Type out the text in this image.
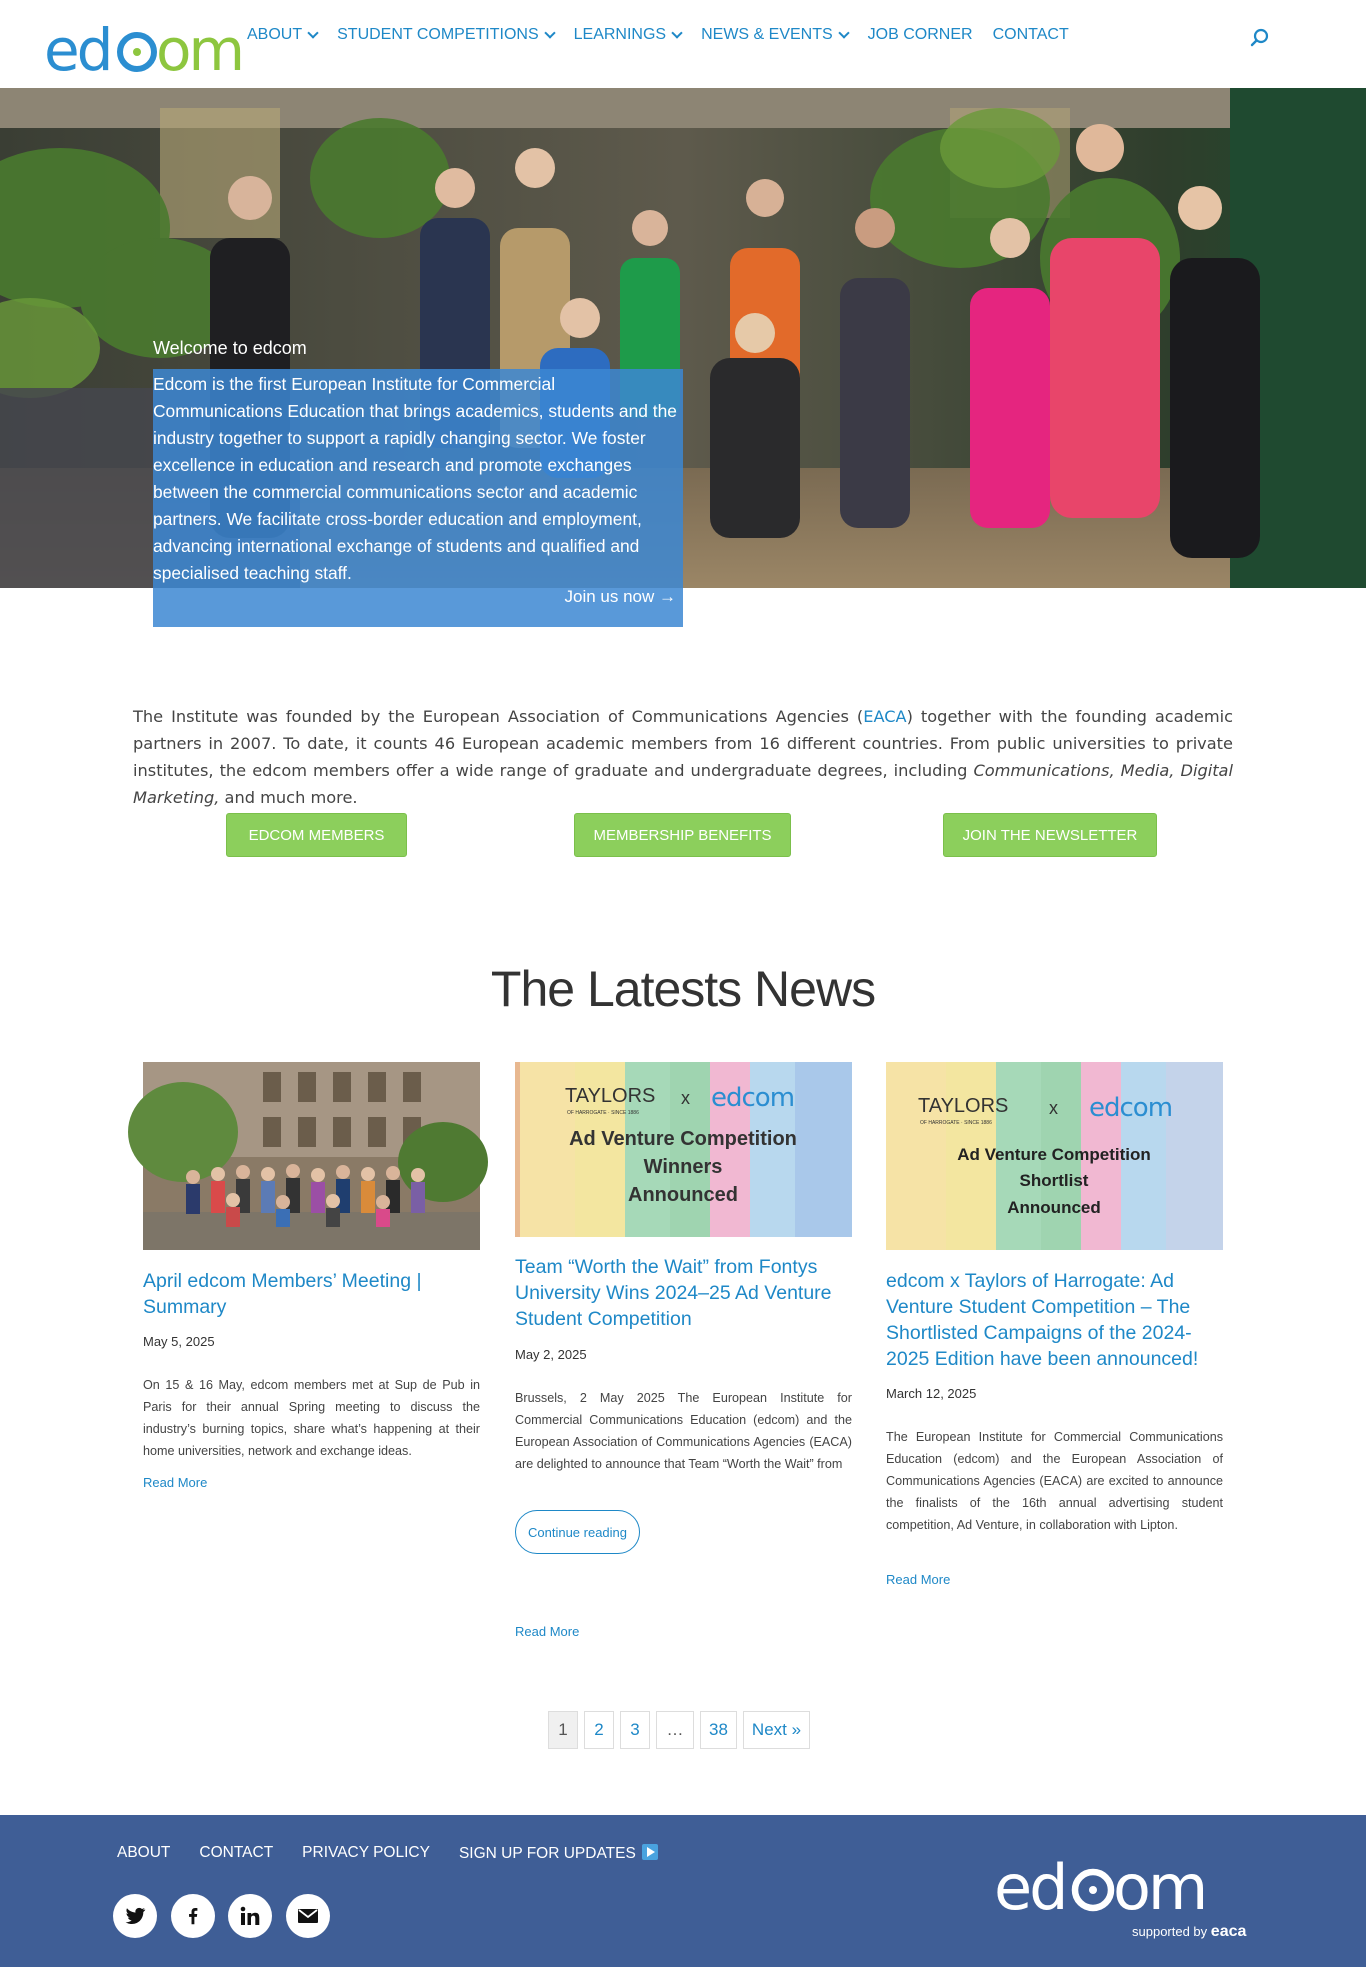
ed om ABOUT STUDENT COMPETITIONS LEARNINGS NEWS & EVENTS JOB CORNER CONTACT
Welcome to edcom
Edcom is the first European Institute for Commercial Communications Education that brings academics, students and the industry together to support a rapidly changing sector. We foster excellence in education and research and promote exchanges between the commercial communications sector and academic partners. We facilitate cross-border education and employment, advancing international exchange of students and qualified and specialised teaching staff.
Join us now →
The Institute was founded by the European Association of Communications Agencies (EACA) together with the founding academic partners in 2007. To date, it counts 46 European academic members from 16 different countries. From public universities to private institutes, the edcom members offer a wide range of graduate and undergraduate degrees, including Communications, Media, Digital Marketing, and much more.
EDCOM MEMBERS	MEMBERSHIP BENEFITS	JOIN THE NEWSLETTER
The Latests News
April edcom Members’ Meeting | Summary
May 5, 2025
On 15 & 16 May, edcom members met at Sup de Pub in Paris for their annual Spring meeting to discuss the industry’s burning topics, share what’s happening at their home universities, network and exchange ideas.
Read More
TAYLORS
OF HARROGATE · SINCE 1886
x edcom
Ad Venture Competition
Winners
Announced
Team “Worth the Wait” from Fontys University Wins 2024–25 Ad Venture Student Competition
May 2, 2025
Brussels, 2 May 2025 The European Institute for Commercial Communications Education (edcom) and the European Association of Communications Agencies (EACA) are delighted to announce that Team “Worth the Wait” from
Continue reading
Read More
TAYLORS
OF HARROGATE · SINCE 1886
x edcom
Ad Venture Competition
Shortlist
Announced
edcom x Taylors of Harrogate: Ad Venture Student Competition – The Shortlisted Campaigns of the 2024-2025 Edition have been announced!
March 12, 2025
The European Institute for Commercial Communications Education (edcom) and the European Association of Communications Agencies (EACA) are excited to announce the finalists of the 16th annual advertising student competition, Ad Venture, in collaboration with Lipton.
Read More
1	2	3	…	38	Next »
ABOUT CONTACT PRIVACY POLICY SIGN UP FOR UPDATES	ed om
supported by eaca
